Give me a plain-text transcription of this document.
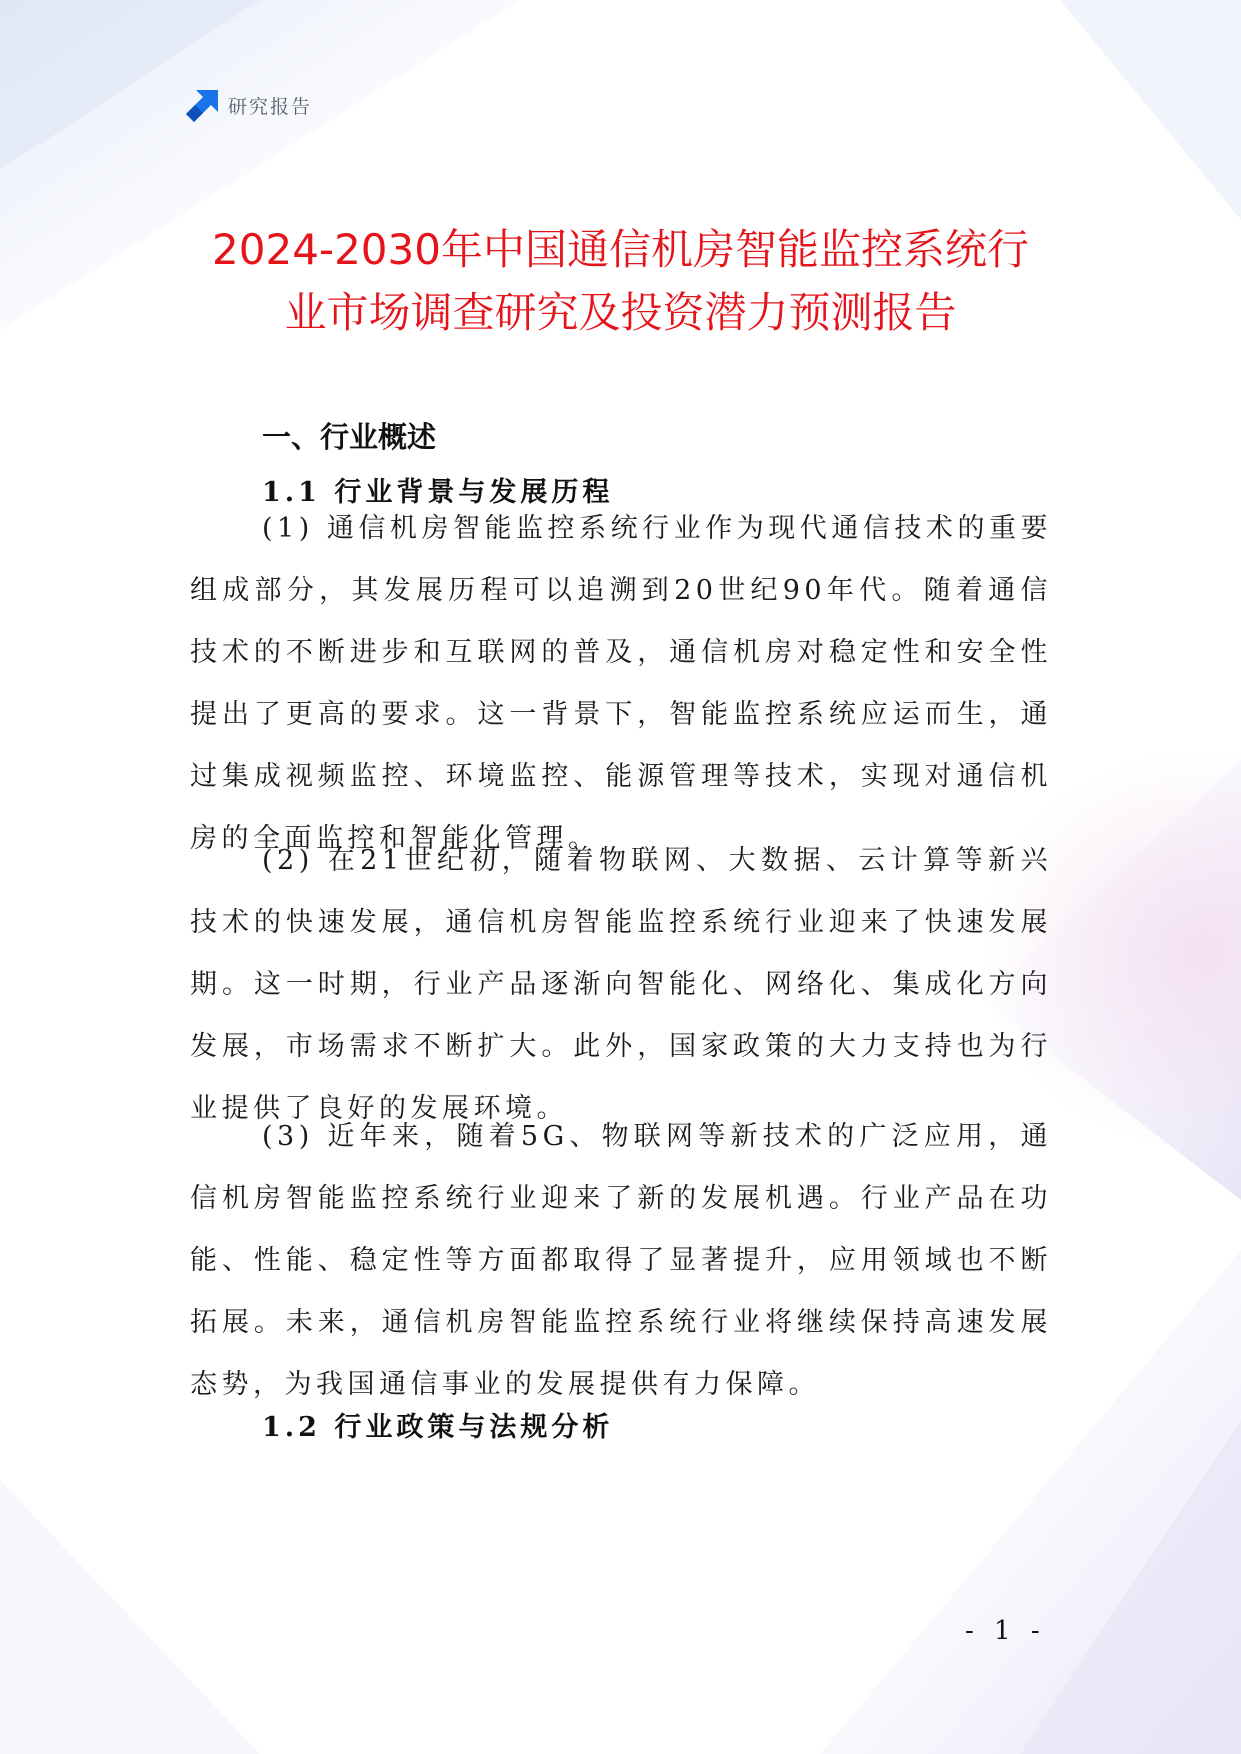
研究报告
2024-2030年中国通信机房智能监控系统行
业市场调查研究及投资潜力预测报告
一、行业概述
1.1 行业背景与发展历程

(1) 通信机房智能监控系统行业作为现代通信技术的重要组成部分，其发展历程可以追溯到20世纪90年代。随着通信技术的不断进步和互联网的普及，通信机房对稳定性和安全性提出了更高的要求。这一背景下，智能监控系统应运而生，通过集成视频监控、环境监控、能源管理等技术，实现对通信机房的全面监控和智能化管理。

(2) 在21世纪初，随着物联网、大数据、云计算等新兴技术的快速发展，通信机房智能监控系统行业迎来了快速发展期。这一时期，行业产品逐渐向智能化、网络化、集成化方向发展，市场需求不断扩大。此外，国家政策的大力支持也为行业提供了良好的发展环境。

(3) 近年来，随着5G、物联网等新技术的广泛应用，通信机房智能监控系统行业迎来了新的发展机遇。行业产品在功能、性能、稳定性等方面都取得了显著提升，应用领域也不断拓展。未来，通信机房智能监控系统行业将继续保持高速发展态势，为我国通信事业的发展提供有力保障。

1.2 行业政策与法规分析
- 1 -
